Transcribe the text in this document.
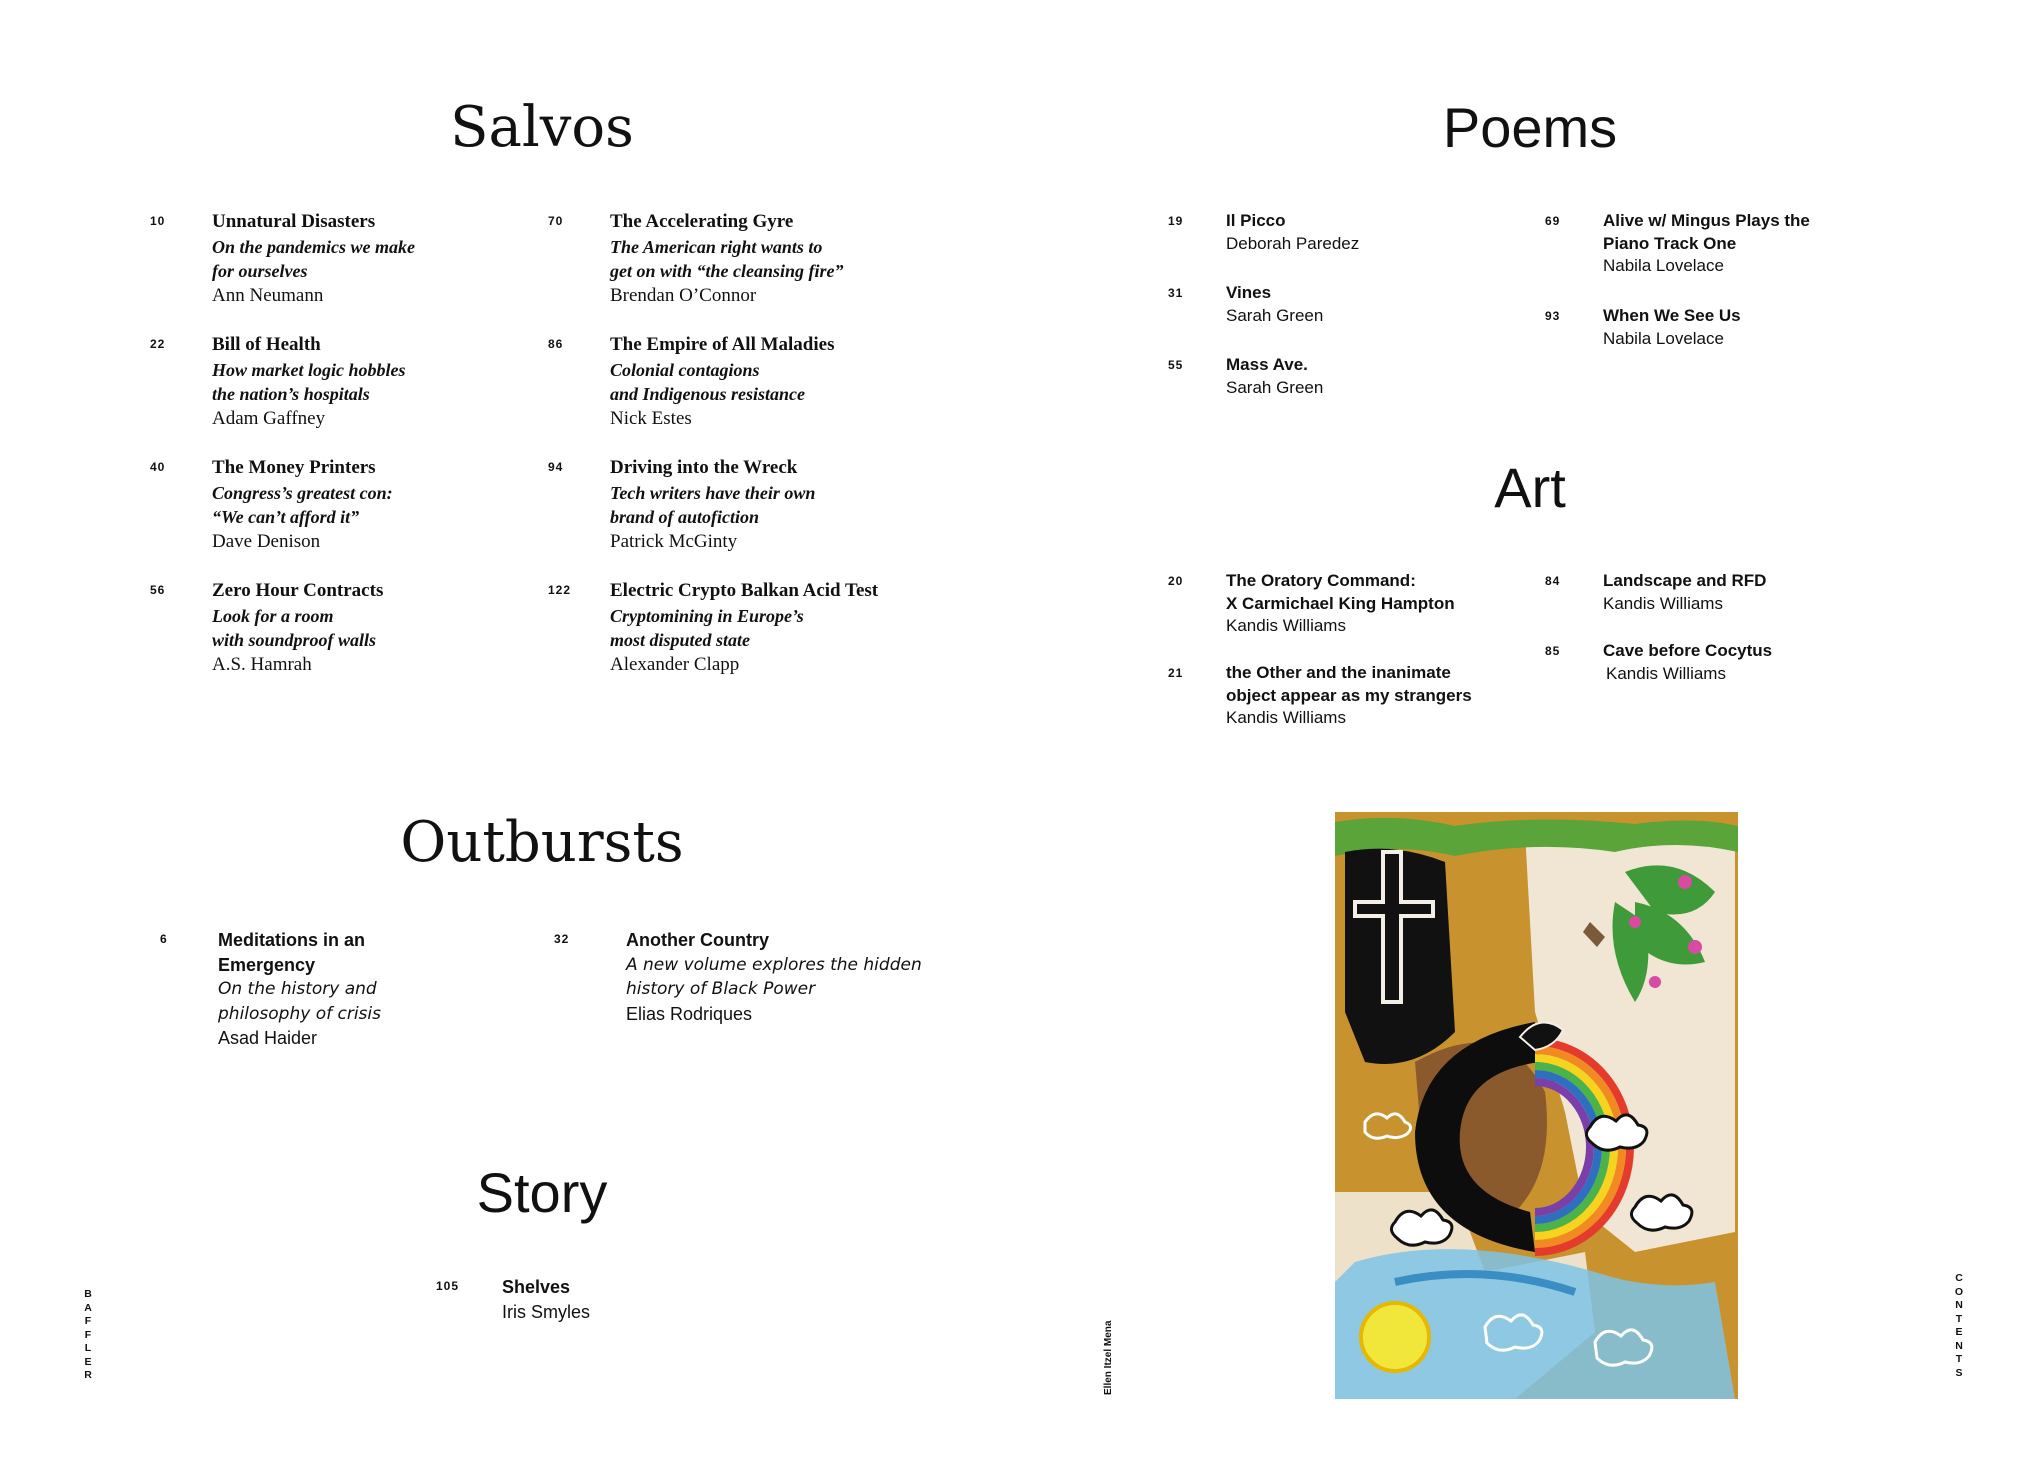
Salvos
10 Unnatural Disasters
On the pandemics we make
for ourselves
Ann Neumann
22 Bill of Health
How market logic hobbles
the nation’s hospitals
Adam Gaffney
40 The Money Printers
Congress’s greatest con:
“We can’t afford it”
Dave Denison
56 Zero Hour Contracts
Look for a room
with soundproof walls
A.S. Hamrah
70 The Accelerating Gyre
The American right wants to
get on with “the cleansing fire”
Brendan O’Connor
86 The Empire of All Maladies
Colonial contagions
and Indigenous resistance
Nick Estes
94 Driving into the Wreck
Tech writers have their own
brand of autofiction
Patrick McGinty
122 Electric Crypto Balkan Acid Test
Cryptomining in Europe’s
most disputed state
Alexander Clapp
Poems
19	Il Picco
Deborah Paredez
31	Vines
Sarah Green
55	Mass Ave.
Sarah Green
69	Alive w/ Mingus Plays the
Piano Track One
Nabila Lovelace
93	When We See Us
Nabila Lovelace
Art
20	The Oratory Command:
X Carmichael King Hampton
Kandis Williams
21	the Other and the inanimate
object appear as my strangers
Kandis Williams
84	Landscape and RFD
Kandis Williams
85	Cave before Cocytus
Kandis Williams
Outbursts
6	Meditations in an
Emergency
On the history and
philosophy of crisis
Asad Haider
32	Another Country
A new volume explores the hidden
history of Black Power
Elias Rodriques
Story
105 Shelves
Iris Smyles
B
A
F
F
L
E
R
C
O
N
T
E
N
T
S
Ellen Itzel Mena
